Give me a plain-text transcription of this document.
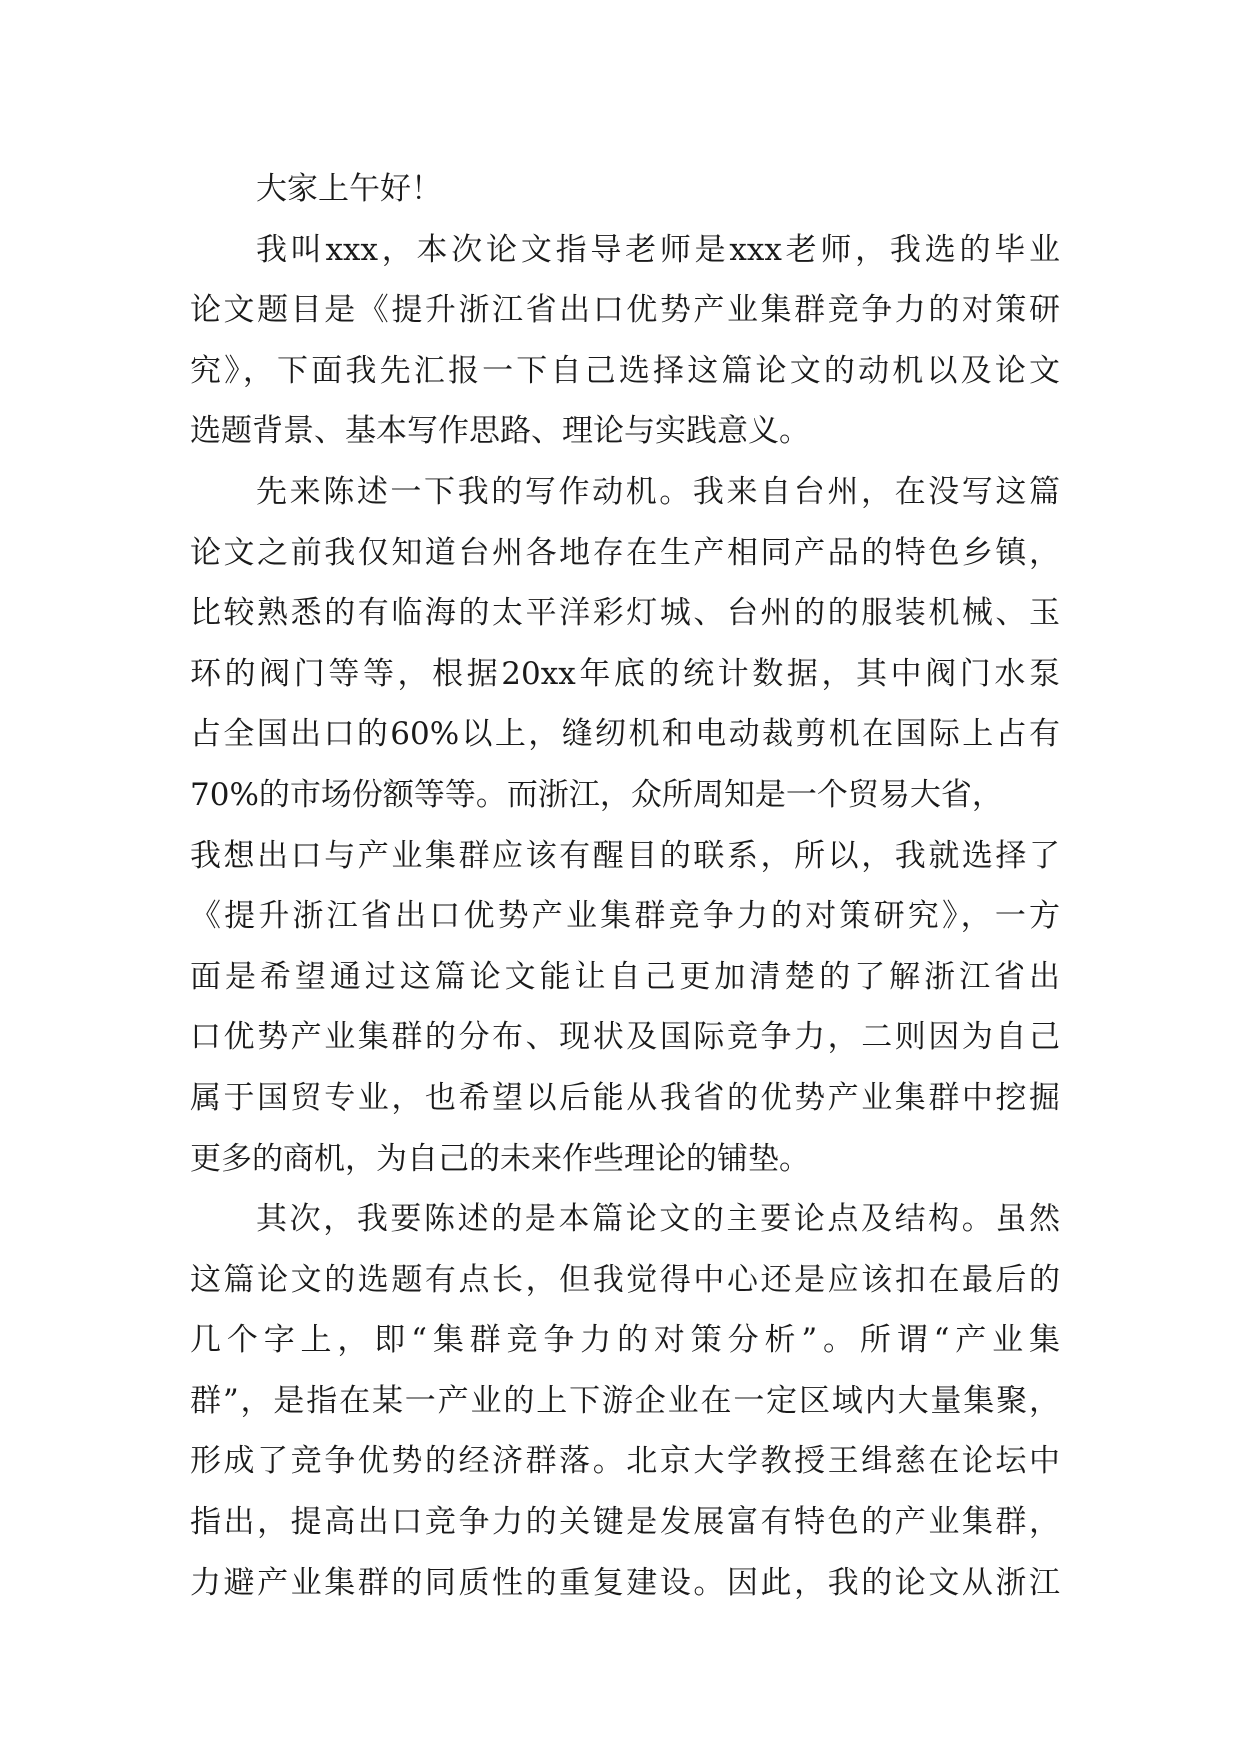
大家上午好！
我叫xxx，本次论文指导老师是xxx老师，我选的毕业
论文题目是《提升浙江省出口优势产业集群竞争力的对策研
究》，下面我先汇报一下自己选择这篇论文的动机以及论文
选题背景、基本写作思路、理论与实践意义。
先来陈述一下我的写作动机。我来自台州，在没写这篇
论文之前我仅知道台州各地存在生产相同产品的特色乡镇，
比较熟悉的有临海的太平洋彩灯城、台州的的服装机械、玉
环的阀门等等，根据20xx年底的统计数据，其中阀门水泵
占全国出口的60%以上，缝纫机和电动裁剪机在国际上占有
70%的市场份额等等。而浙江，众所周知是一个贸易大省，
我想出口与产业集群应该有醒目的联系，所以，我就选择了
《提升浙江省出口优势产业集群竞争力的对策研究》，一方
面是希望通过这篇论文能让自己更加清楚的了解浙江省出
口优势产业集群的分布、现状及国际竞争力，二则因为自己
属于国贸专业，也希望以后能从我省的优势产业集群中挖掘
更多的商机，为自己的未来作些理论的铺垫。
其次，我要陈述的是本篇论文的主要论点及结构。虽然
这篇论文的选题有点长，但我觉得中心还是应该扣在最后的
几个字上，即“集群竞争力的对策分析”。所谓“产业集
群”，是指在某一产业的上下游企业在一定区域内大量集聚，
形成了竞争优势的经济群落。北京大学教授王缉慈在论坛中
指出，提高出口竞争力的关键是发展富有特色的产业集群，
力避产业集群的同质性的重复建设。因此，我的论文从浙江
